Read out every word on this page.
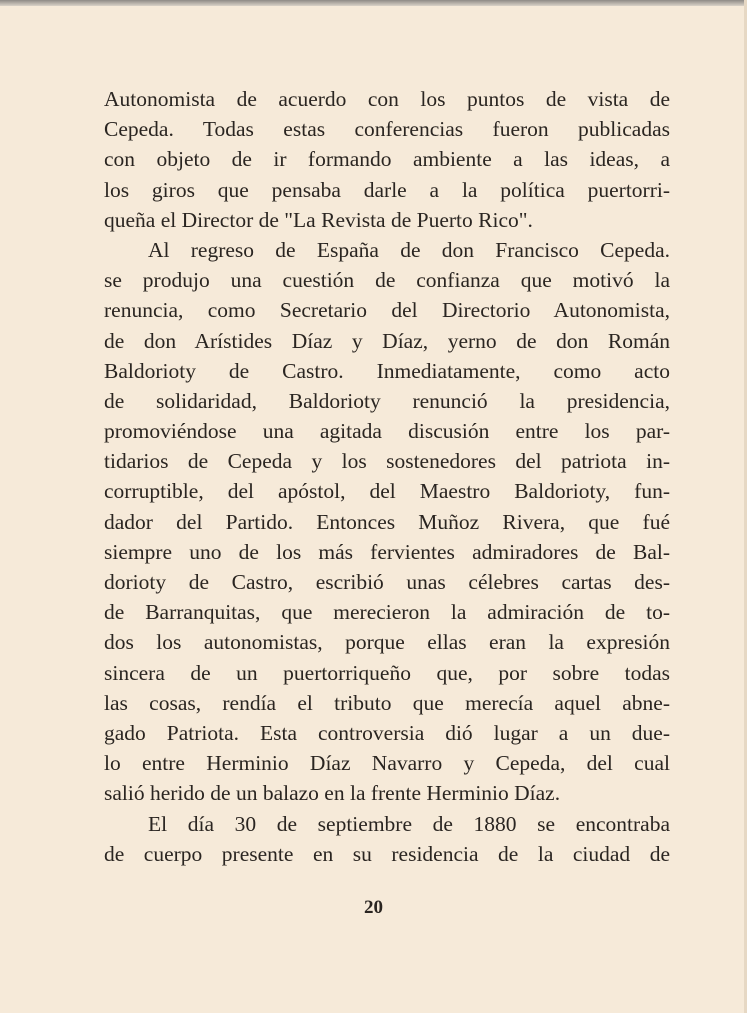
Autonomista de acuerdo con los puntos de vista de
Cepeda. Todas estas conferencias fueron publicadas
con objeto de ir formando ambiente a las ideas, a
los giros que pensaba darle a la política puertorri-
queña el Director de "La Revista de Puerto Rico".
Al regreso de España de don Francisco Cepeda.
se produjo una cuestión de confianza que motivó la
renuncia, como Secretario del Directorio Autonomista,
de don Arístides Díaz y Díaz, yerno de don Román
Baldorioty de Castro. Inmediatamente, como acto
de solidaridad, Baldorioty renunció la presidencia,
promoviéndose una agitada discusión entre los par-
tidarios de Cepeda y los sostenedores del patriota in-
corruptible, del apóstol, del Maestro Baldorioty, fun-
dador del Partido. Entonces Muñoz Rivera, que fué
siempre uno de los más fervientes admiradores de Bal-
dorioty de Castro, escribió unas célebres cartas des-
de Barranquitas, que merecieron la admiración de to-
dos los autonomistas, porque ellas eran la expresión
sincera de un puertorriqueño que, por sobre todas
las cosas, rendía el tributo que merecía aquel abne-
gado Patriota. Esta controversia dió lugar a un due-
lo entre Herminio Díaz Navarro y Cepeda, del cual
salió herido de un balazo en la frente Herminio Díaz.
El día 30 de septiembre de 1880 se encontraba
de cuerpo presente en su residencia de la ciudad de
20
